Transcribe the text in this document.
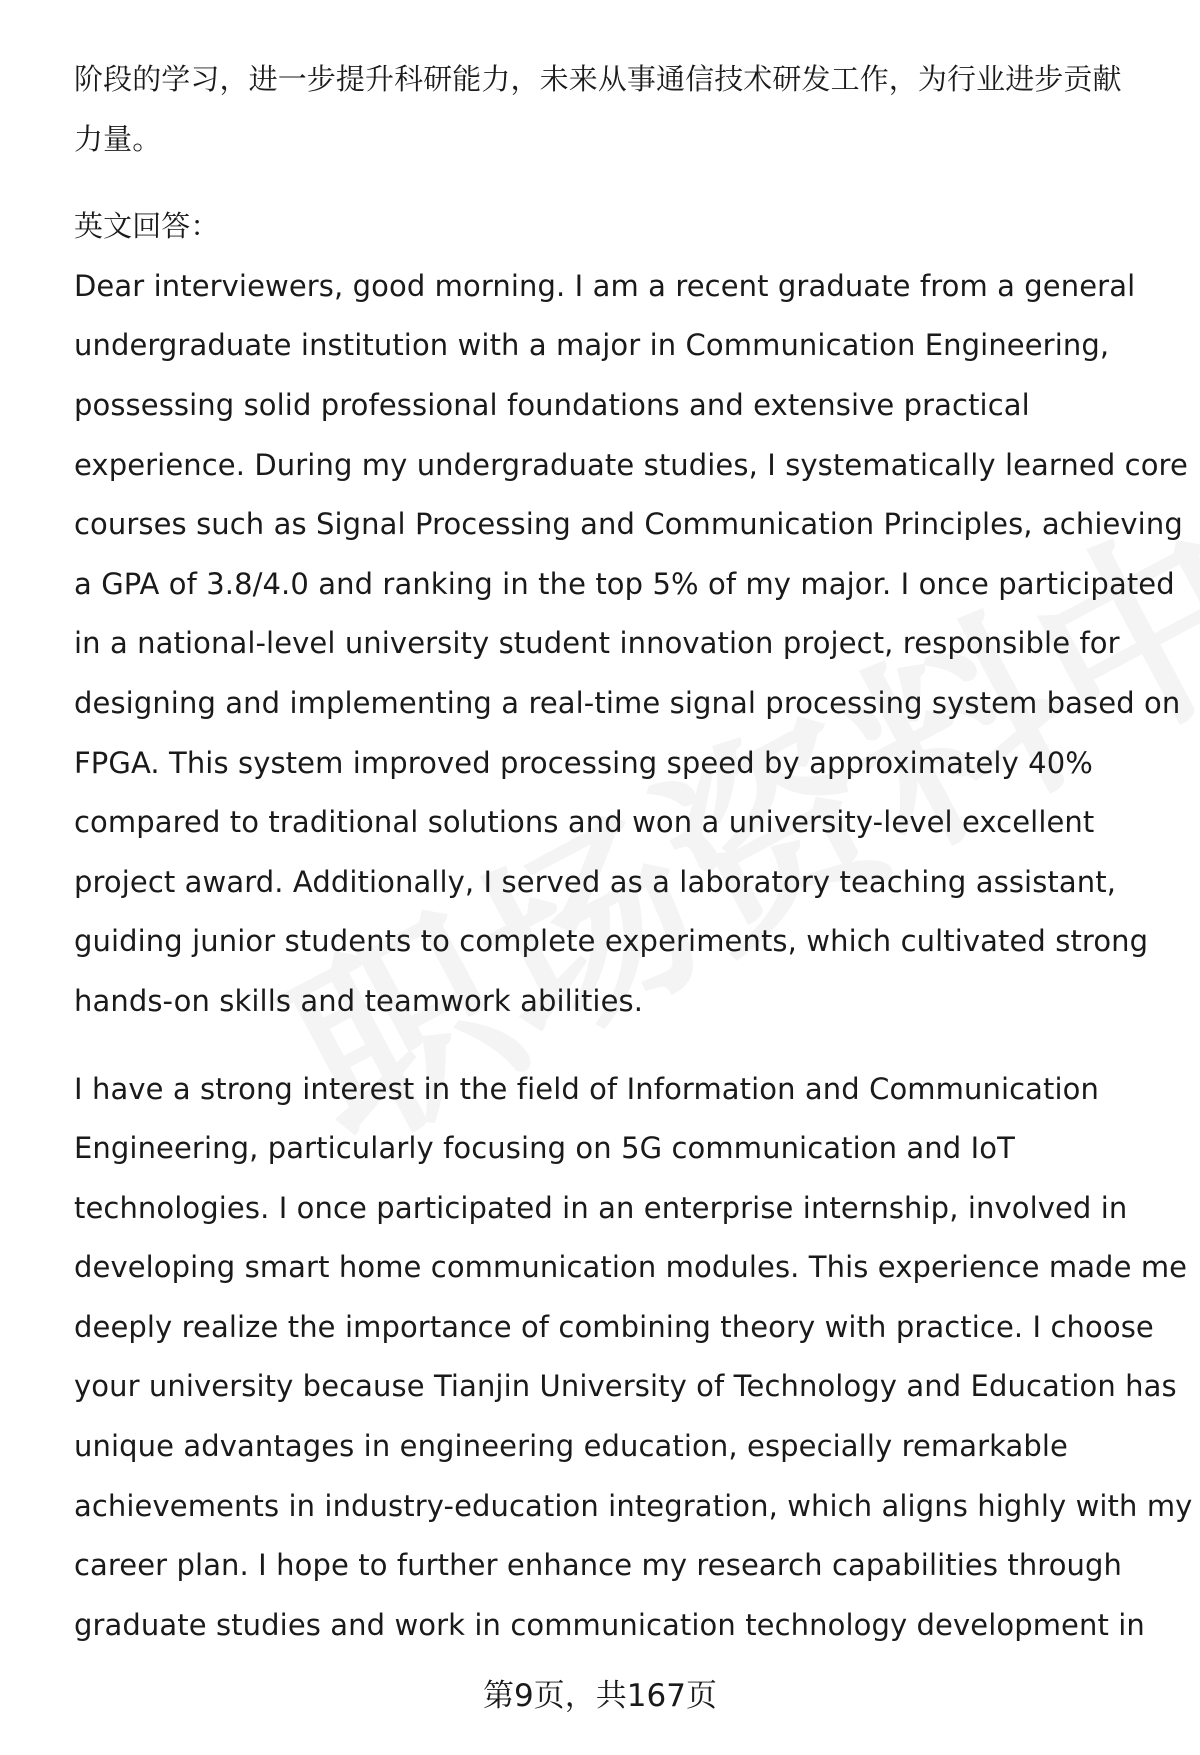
阶段的学习，进一步提升科研能力，未来从事通信技术研发工作，为行业进步贡献
力量。

英文回答：

Dear interviewers, good morning. I am a recent graduate from a general
undergraduate institution with a major in Communication Engineering,
possessing solid professional foundations and extensive practical
experience. During my undergraduate studies, I systematically learned core
courses such as Signal Processing and Communication Principles, achieving
a GPA of 3.8/4.0 and ranking in the top 5% of my major. I once participated
in a national-level university student innovation project, responsible for
designing and implementing a real-time signal processing system based on
FPGA. This system improved processing speed by approximately 40%
compared to traditional solutions and won a university-level excellent
project award. Additionally, I served as a laboratory teaching assistant,
guiding junior students to complete experiments, which cultivated strong
hands-on skills and teamwork abilities.

I have a strong interest in the field of Information and Communication
Engineering, particularly focusing on 5G communication and IoT
technologies. I once participated in an enterprise internship, involved in
developing smart home communication modules. This experience made me
deeply realize the importance of combining theory with practice. I choose
your university because Tianjin University of Technology and Education has
unique advantages in engineering education, especially remarkable
achievements in industry-education integration, which aligns highly with my
career plan. I hope to further enhance my research capabilities through
graduate studies and work in communication technology development in

第9页，共167页
